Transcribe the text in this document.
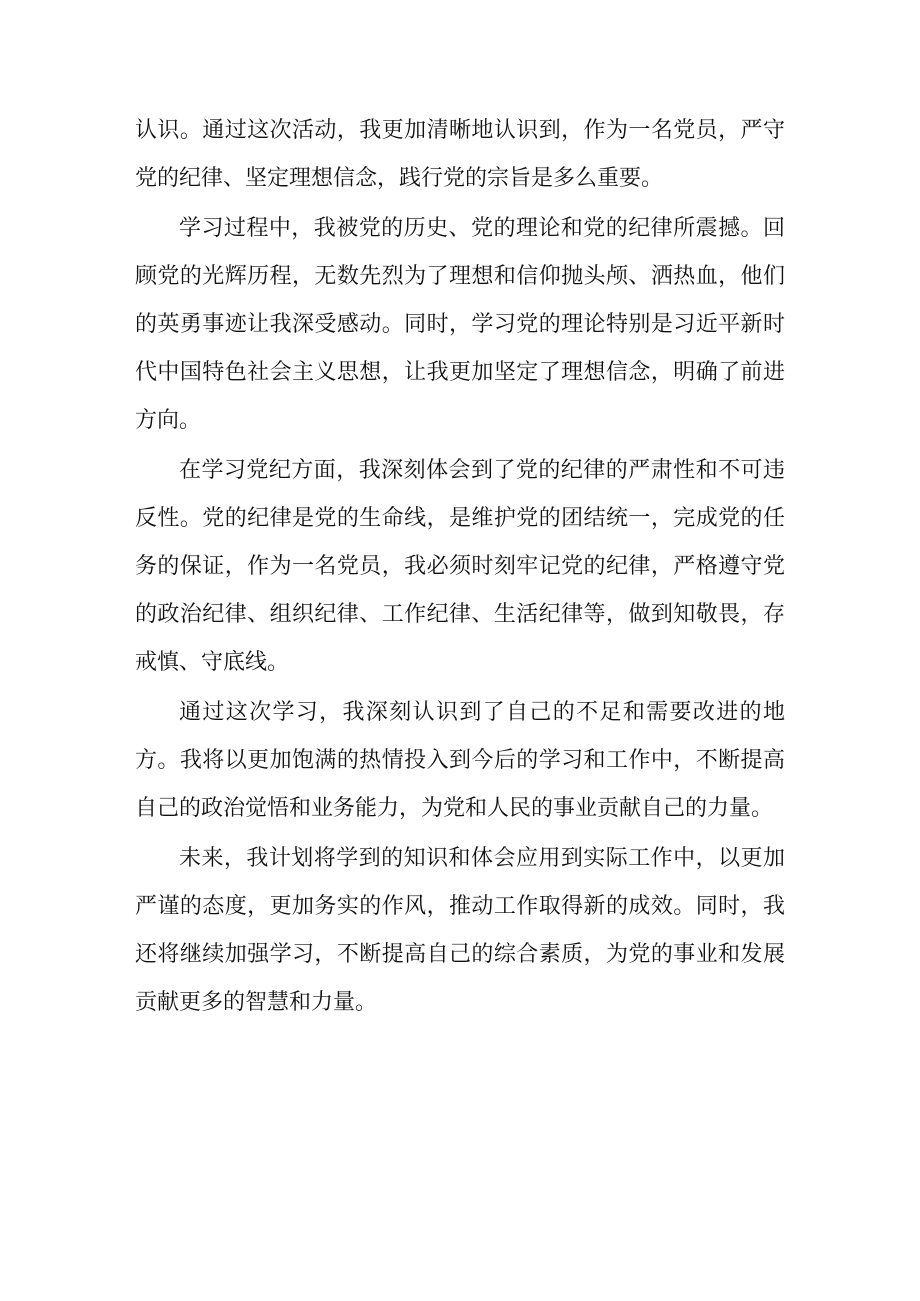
认识。通过这次活动，我更加清晰地认识到，作为一名党员，严守党的纪律、坚定理想信念，践行党的宗旨是多么重要。

学习过程中，我被党的历史、党的理论和党的纪律所震撼。回顾党的光辉历程，无数先烈为了理想和信仰抛头颅、洒热血，他们的英勇事迹让我深受感动。同时，学习党的理论特别是习近平新时代中国特色社会主义思想，让我更加坚定了理想信念，明确了前进方向。

在学习党纪方面，我深刻体会到了党的纪律的严肃性和不可违反性。党的纪律是党的生命线，是维护党的团结统一，完成党的任务的保证，作为一名党员，我必须时刻牢记党的纪律，严格遵守党的政治纪律、组织纪律、工作纪律、生活纪律等，做到知敬畏，存戒慎、守底线。

通过这次学习，我深刻认识到了自己的不足和需要改进的地方。我将以更加饱满的热情投入到今后的学习和工作中，不断提高自己的政治觉悟和业务能力，为党和人民的事业贡献自己的力量。

未来，我计划将学到的知识和体会应用到实际工作中，以更加严谨的态度，更加务实的作风，推动工作取得新的成效。同时，我还将继续加强学习，不断提高自己的综合素质，为党的事业和发展贡献更多的智慧和力量。
